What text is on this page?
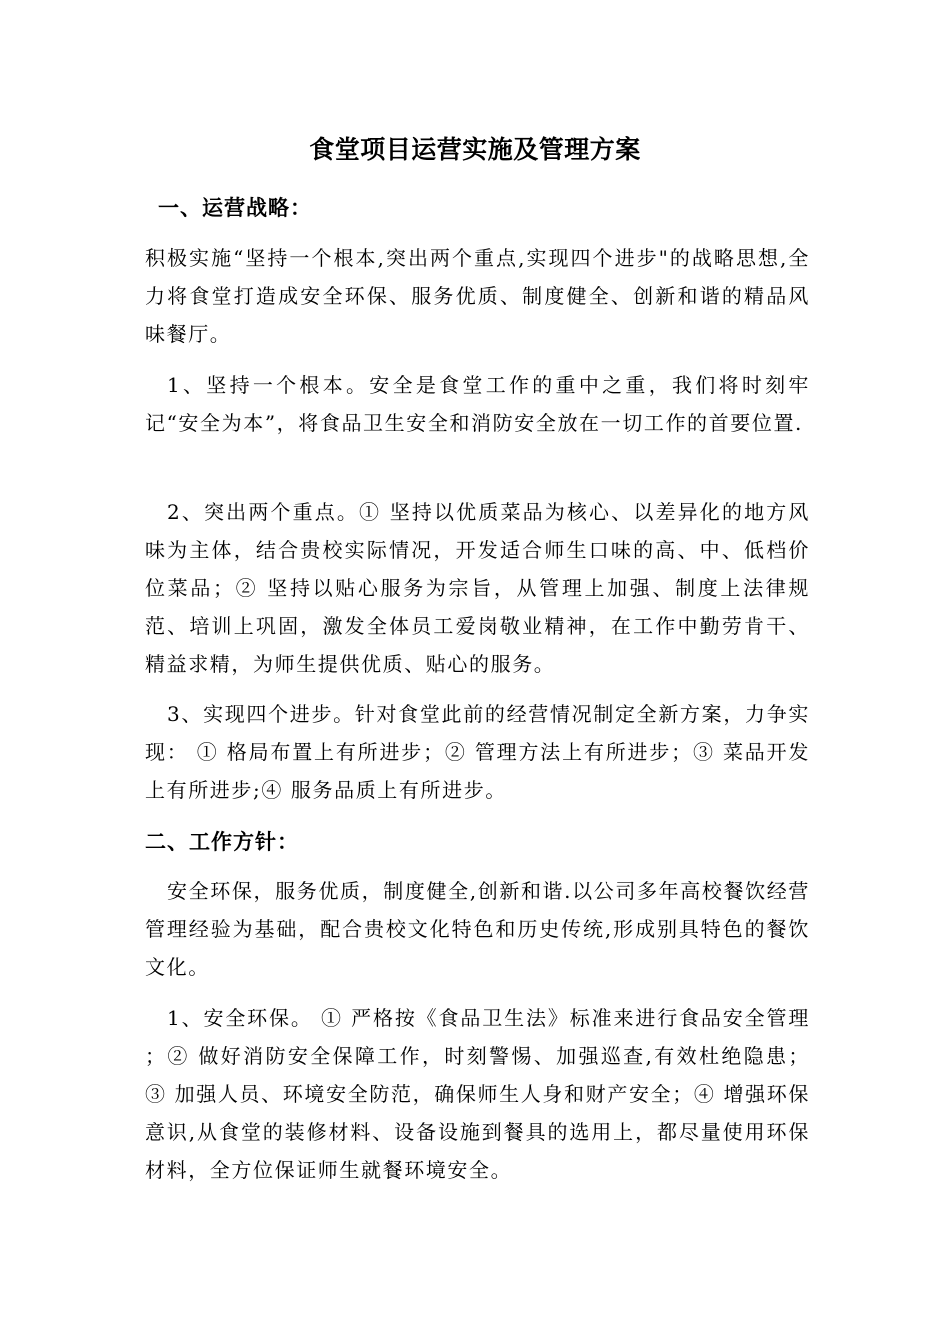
食堂项目运营实施及管理方案
一、运营战略：

积极实施“坚持一个根本,突出两个重点,实现四个进步"的战略思想,全力将食堂打造成安全环保、服务优质、制度健全、创新和谐的精品风味餐厅。

1、坚持一个根本。安全是食堂工作的重中之重，我们将时刻牢记“安全为本”，将食品卫生安全和消防安全放在一切工作的首要位置.

2、突出两个重点。① 坚持以优质菜品为核心、以差异化的地方风味为主体，结合贵校实际情况，开发适合师生口味的高、中、低档价位菜品；② 坚持以贴心服务为宗旨，从管理上加强、制度上法律规范、培训上巩固，激发全体员工爱岗敬业精神，在工作中勤劳肯干、精益求精，为师生提供优质、贴心的服务。

3、实现四个进步。针对食堂此前的经营情况制定全新方案，力争实现： ① 格局布置上有所进步；② 管理方法上有所进步；③ 菜品开发上有所进步;④ 服务品质上有所进步。

二、工作方针：

安全环保，服务优质，制度健全,创新和谐.以公司多年高校餐饮经营管理经验为基础，配合贵校文化特色和历史传统,形成别具特色的餐饮文化。

1、安全环保。 ① 严格按《食品卫生法》标准来进行食品安全管理 ；② 做好消防安全保障工作，时刻警惕、加强巡查,有效杜绝隐患； ③ 加强人员、环境安全防范，确保师生人身和财产安全；④ 增强环保意识,从食堂的装修材料、设备设施到餐具的选用上，都尽量使用环保材料，全方位保证师生就餐环境安全。
